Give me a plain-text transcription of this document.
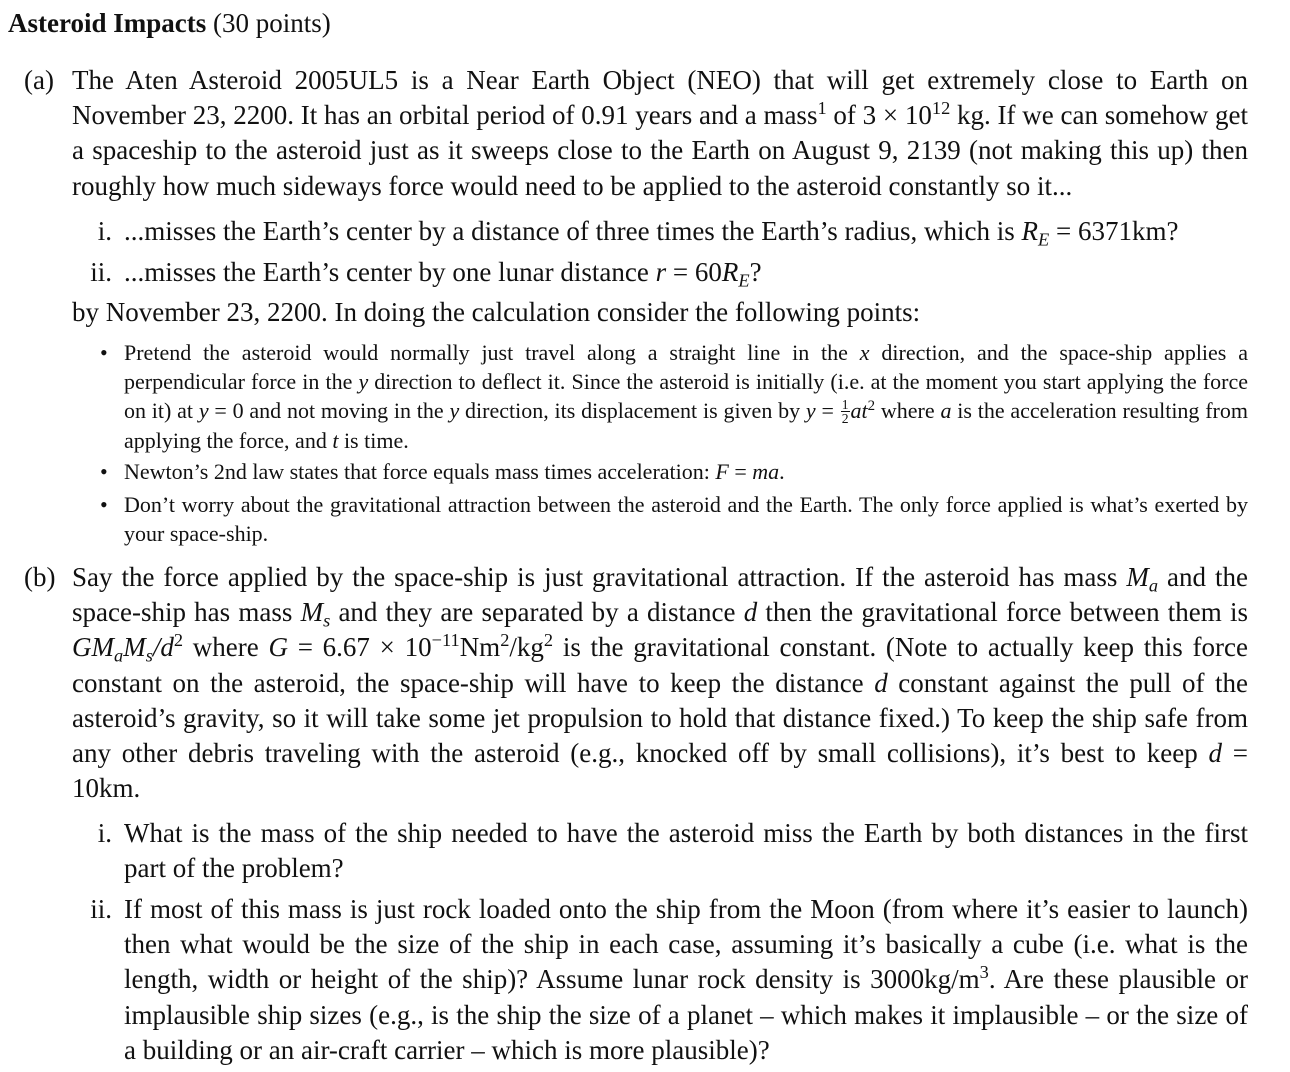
Asteroid Impacts (30 points)
(a) The Aten Asteroid 2005UL5 is a Near Earth Object (NEO) that will get extremely close to Earth on November 23, 2200. It has an orbital period of 0.91 years and a mass$^1$ of $3 \times 10^{12}$ kg. If we can somehow get a spaceship to the asteroid just as it sweeps close to the Earth on August 9, 2139 (not making this up) then roughly how much sideways force would need to be applied to the asteroid constantly so it...
i. ...misses the Earth’s center by a distance of three times the Earth’s radius, which is $R_E = 6371km$?
ii. ...misses the Earth’s center by one lunar distance $r = 60R_E$?
by November 23, 2200. In doing the calculation consider the following points:
• Pretend the asteroid would normally just travel along a straight line in the x direction, and the space-ship applies a perpendicular force in the y direction to deflect it. Since the asteroid is initially (i.e. at the moment you start applying the force on it) at y = 0 and not moving in the y direction, its displacement is given by $y = \frac{1}{2} at^2$ where a is the acceleration resulting from applying the force, and t is time.
• Newton’s 2nd law states that force equals mass times acceleration: F = ma.
• Don’t worry about the gravitational attraction between the asteroid and the Earth. The only force applied is what’s exerted by your space-ship.
(b) Say the force applied by the space-ship is just gravitational attraction. If the asteroid has mass $M_a$ and the space-ship has mass $M_s$ and they are separated by a distance d then the gravitational force between them is $GM_aM_s/d^2$ where $G = 6.67 \times 10^{-11}Nm^2/kg^2$ is the gravitational constant. (Note to actually keep this force constant on the asteroid, the space-ship will have to keep the distance d constant against the pull of the asteroid’s gravity, so it will take some jet propulsion to hold that distance fixed.) To keep the ship safe from any other debris traveling with the asteroid (e.g., knocked off by small collisions), it’s best to keep d = 10km.
i. What is the mass of the ship needed to have the asteroid miss the Earth by both distances in the first part of the problem?
ii. If most of this mass is just rock loaded onto the ship from the Moon (from where it’s easier to launch) then what would be the size of the ship in each case, assuming it’s basically a cube (i.e. what is the length, width or height of the ship)? Assume lunar rock density is $3000kg/m^3$. Are these plausible or implausible ship sizes (e.g., is the ship the size of a planet – which makes it implausible – or the size of a building or an air-craft carrier – which is more plausible)?
